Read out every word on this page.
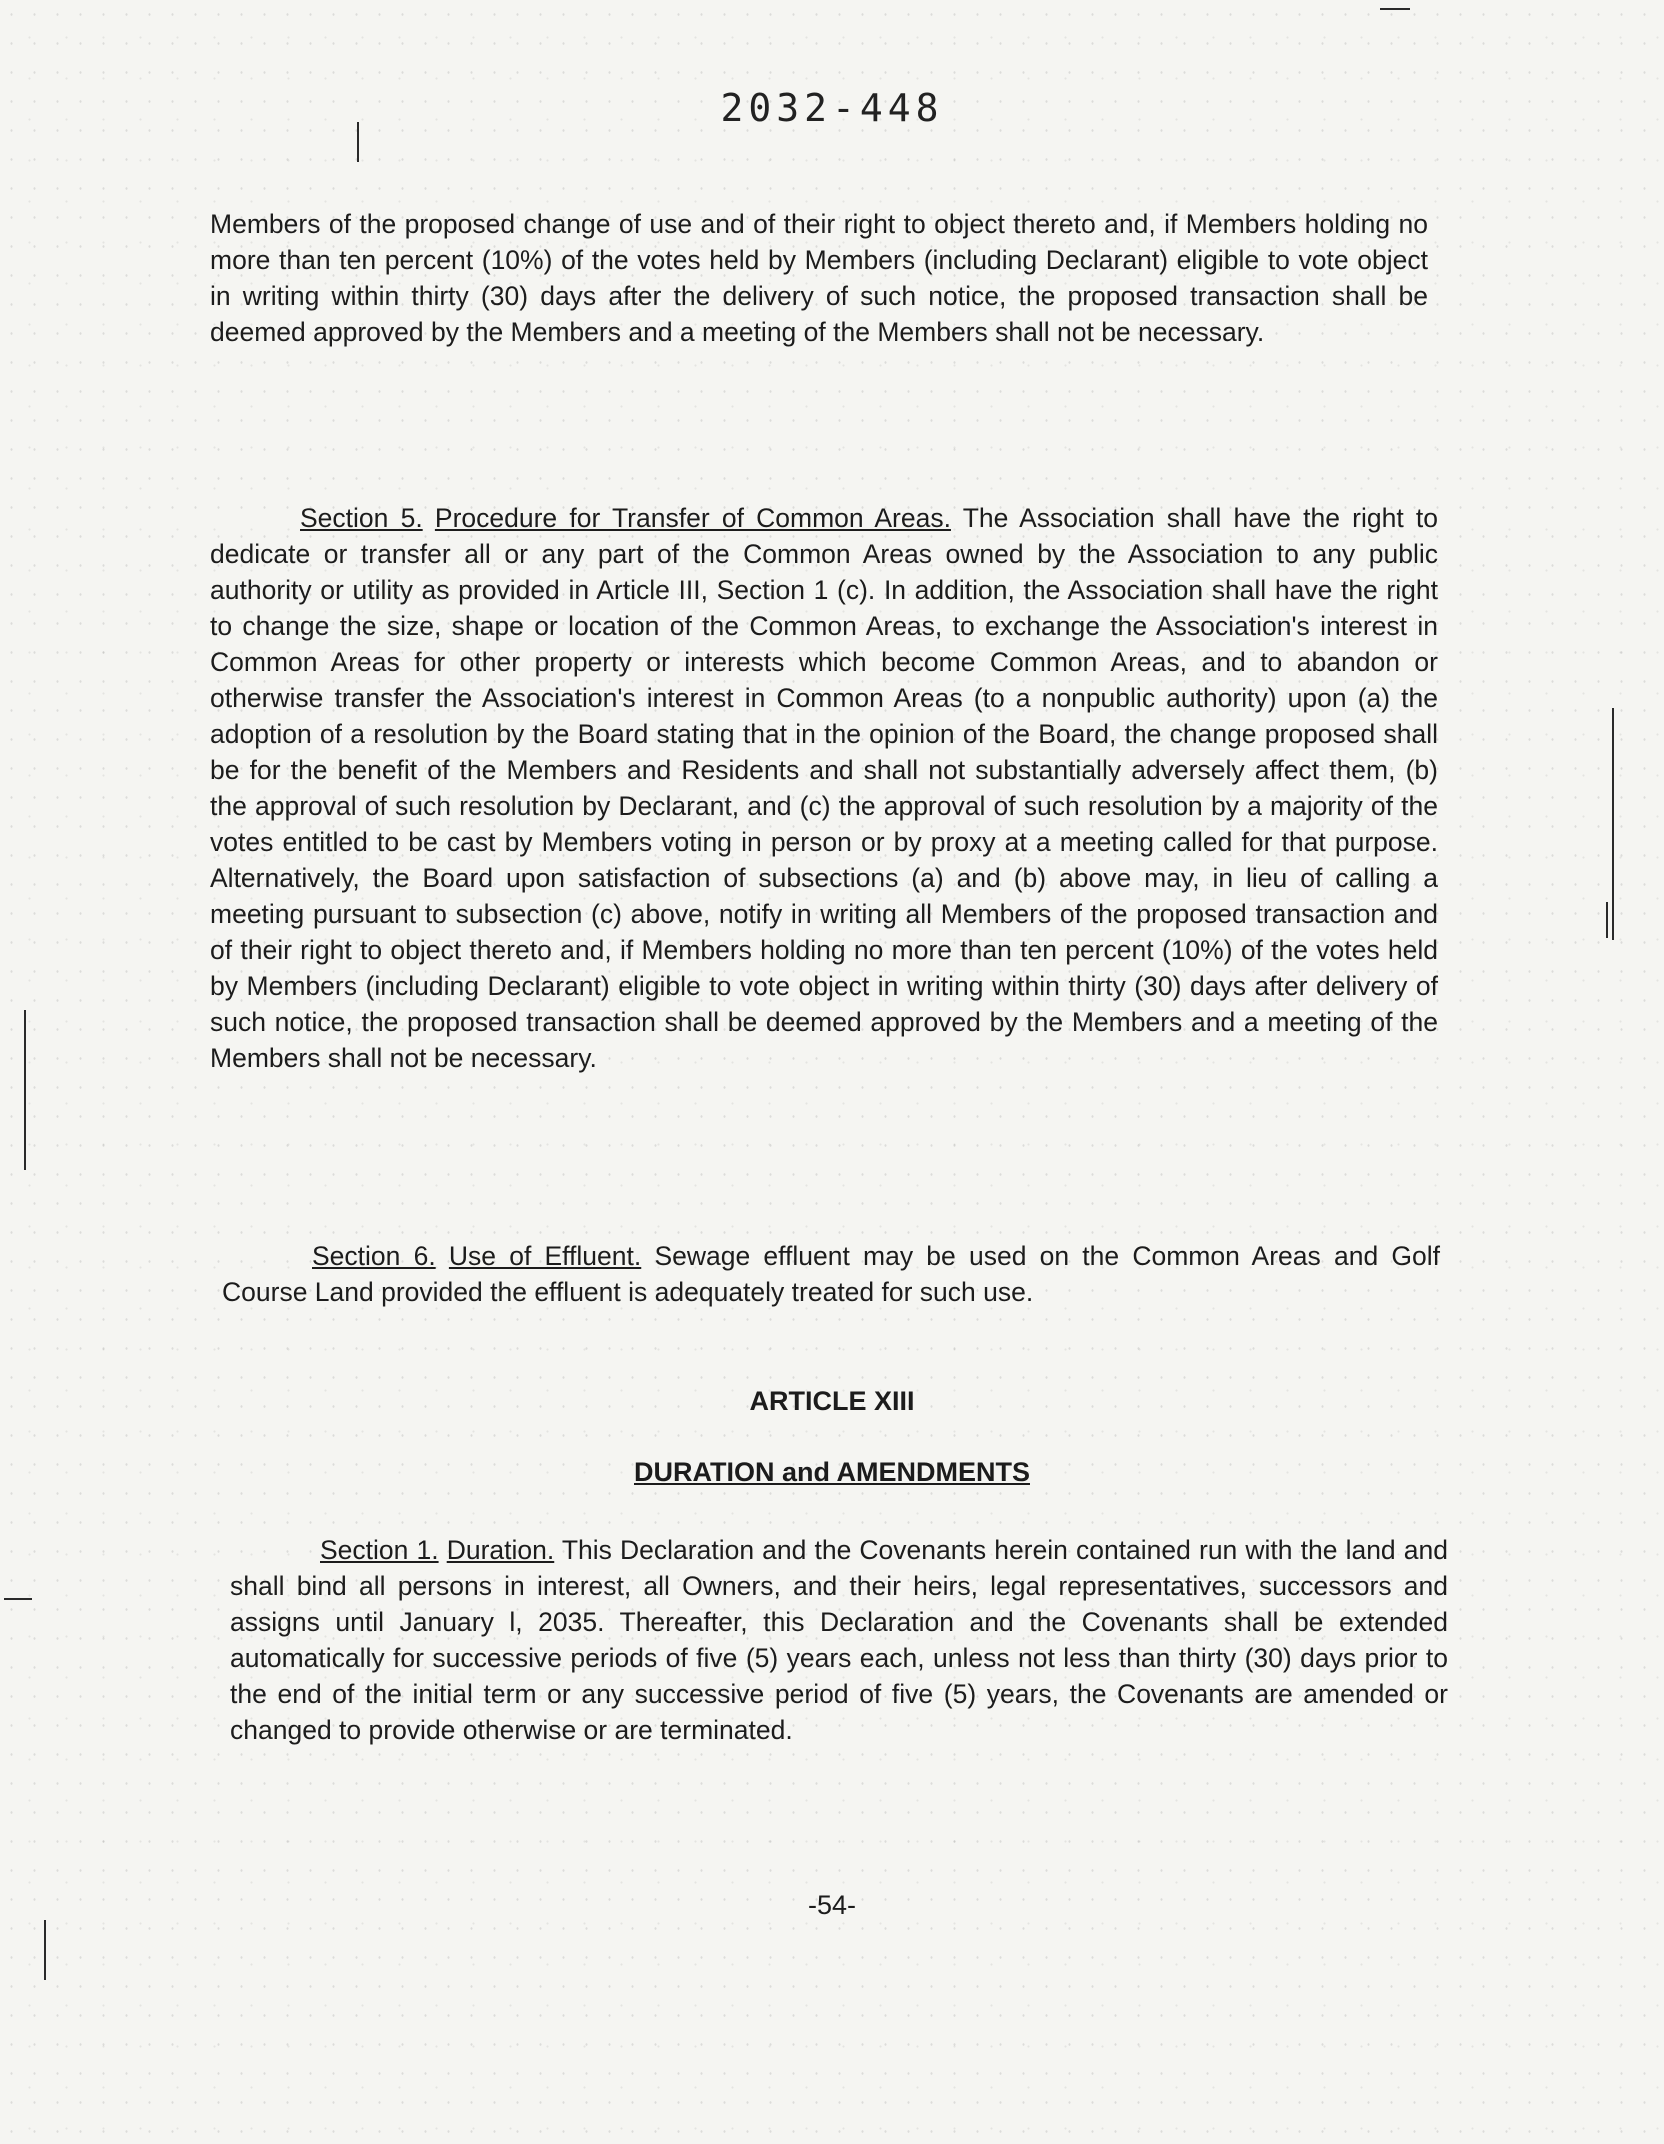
2032-448

Members of the proposed change of use and of their right to object thereto and, if Members holding no more than ten percent (10%) of the votes held by Members (including Declarant) eligible to vote object in writing within thirty (30) days after the delivery of such notice, the proposed transaction shall be deemed approved by the Members and a meeting of the Members shall not be necessary.

Section 5. Procedure for Transfer of Common Areas. The Association shall have the right to dedicate or transfer all or any part of the Common Areas owned by the Association to any public authority or utility as provided in Article III, Section 1 (c). In addition, the Association shall have the right to change the size, shape or location of the Common Areas, to exchange the Association's interest in Common Areas for other property or interests which become Common Areas, and to abandon or otherwise transfer the Association's interest in Common Areas (to a nonpublic authority) upon (a) the adoption of a resolution by the Board stating that in the opinion of the Board, the change proposed shall be for the benefit of the Members and Residents and shall not substantially adversely affect them, (b) the approval of such resolution by Declarant, and (c) the approval of such resolution by a majority of the votes entitled to be cast by Members voting in person or by proxy at a meeting called for that purpose. Alternatively, the Board upon satisfaction of subsections (a) and (b) above may, in lieu of calling a meeting pursuant to subsection (c) above, notify in writing all Members of the proposed transaction and of their right to object thereto and, if Members holding no more than ten percent (10%) of the votes held by Members (including Declarant) eligible to vote object in writing within thirty (30) days after delivery of such notice, the proposed transaction shall be deemed approved by the Members and a meeting of the Members shall not be necessary.

Section 6. Use of Effluent. Sewage effluent may be used on the Common Areas and Golf Course Land provided the effluent is adequately treated for such use.

ARTICLE XIII
DURATION and AMENDMENTS

Section 1. Duration. This Declaration and the Covenants herein contained run with the land and shall bind all persons in interest, all Owners, and their heirs, legal representatives, successors and assigns until January l, 2035. Thereafter, this Declaration and the Covenants shall be extended automatically for successive periods of five (5) years each, unless not less than thirty (30) days prior to the end of the initial term or any successive period of five (5) years, the Covenants are amended or changed to provide otherwise or are terminated.

-54-
